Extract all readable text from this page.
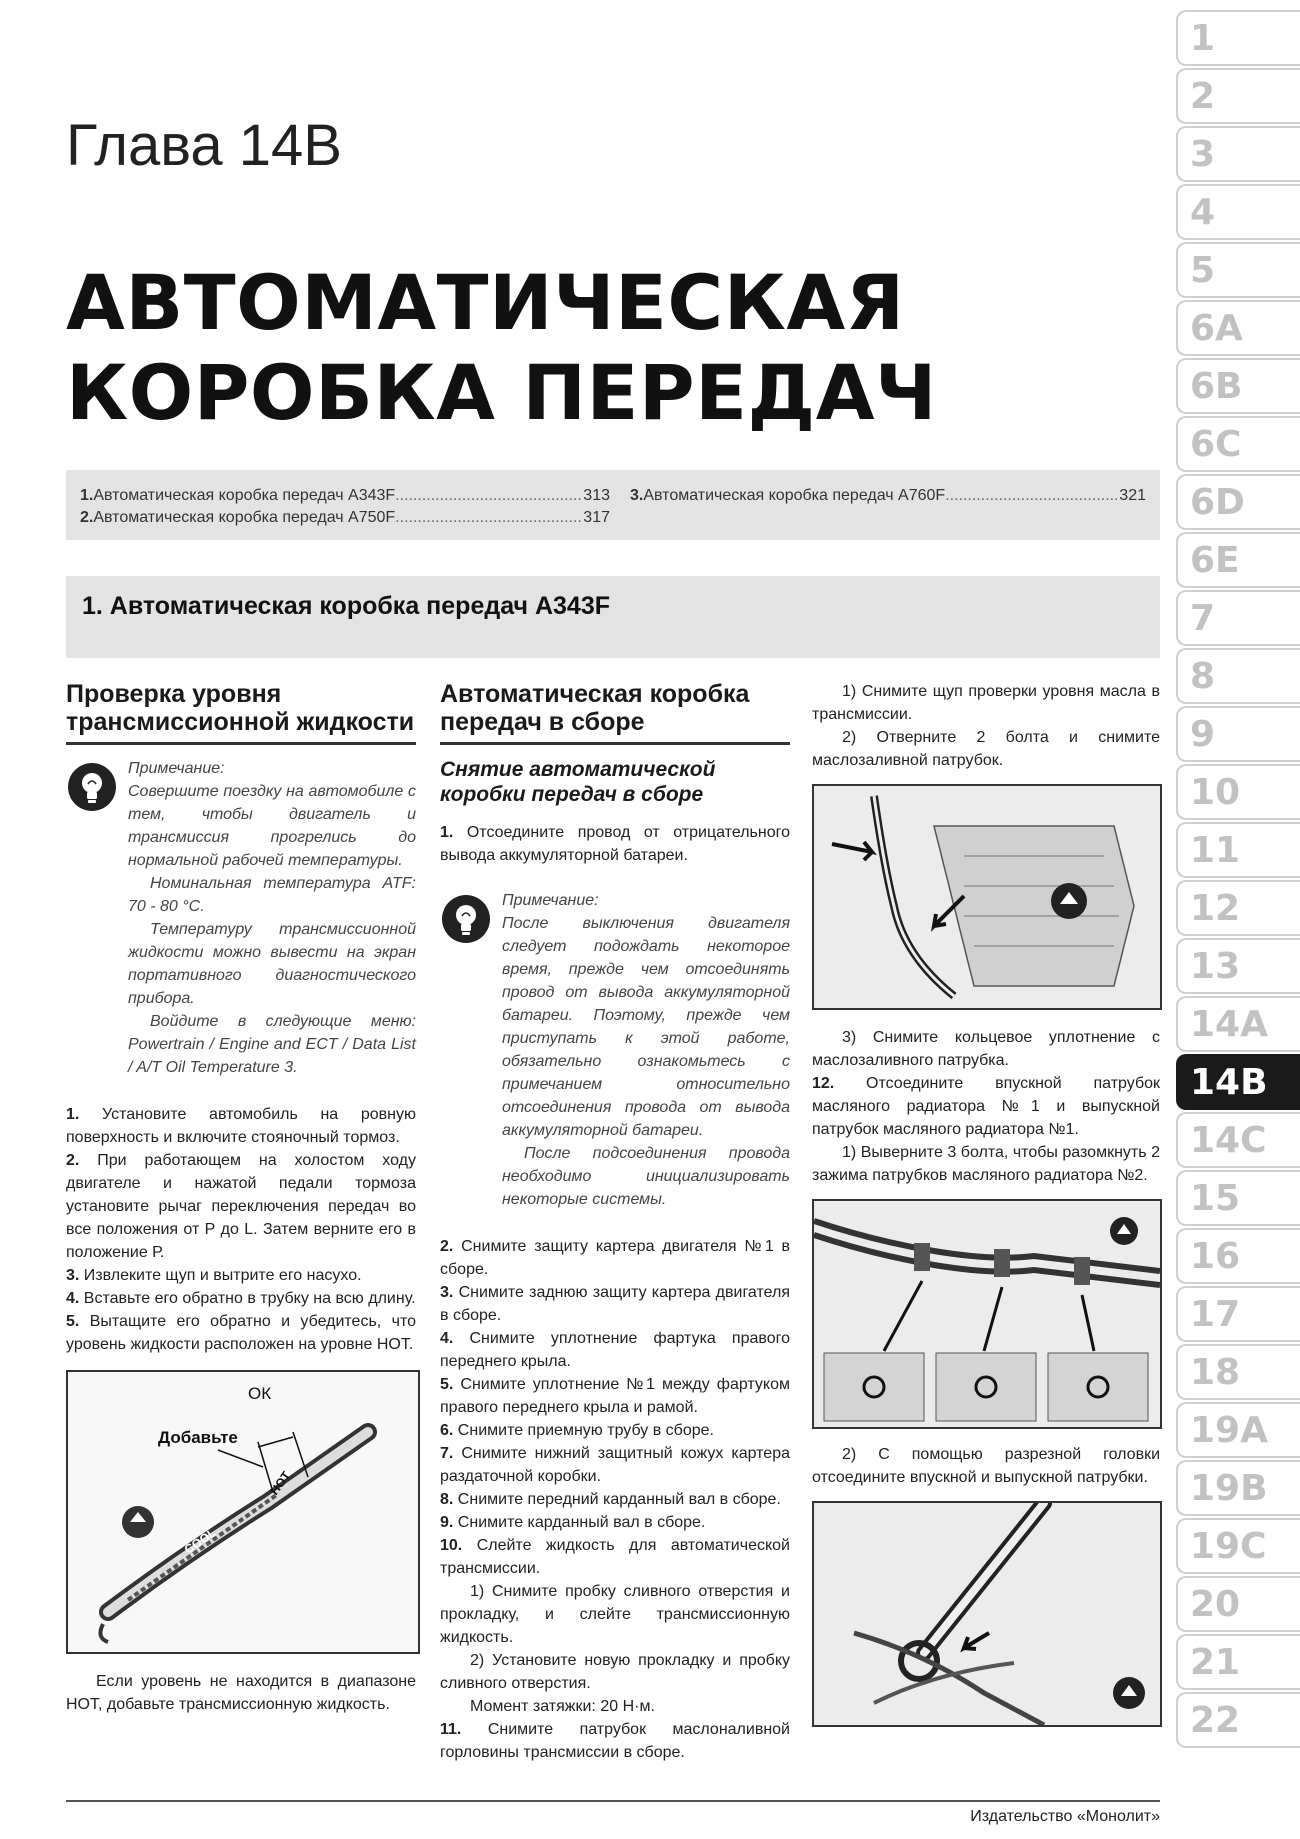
Глава 14В
АВТОМАТИЧЕСКАЯ КОРОБКА ПЕРЕДАЧ
1. Автоматическая коробка передач А343F .....	313
2. Автоматическая коробка передач А750F .....	317
3. Автоматическая коробка передач А760F .....	321
1. Автоматическая коробка передач А343F
Проверка уровня трансмиссионной жидкости
Примечание:

Совершите поездку на автомобиле с тем, чтобы двигатель и трансмиссия прогрелись до нормальной рабочей температуры.

Номинальная температура ATF: 70 - 80 °С.

Температуру трансмиссионной жидкости можно вывести на экран портативного диагностического прибора.

Войдите в следующие меню: Powertrain / Engine and ECT / Data List / A/T Oil Temperature 3.

1. Установите автомобиль на ровную поверхность и включите стояночный тормоз.

2. При работающем на холостом ходу двигателе и нажатой педали тормоза установите рычаг переключения передач во все положения от Р до L. Затем верните его в положение Р.

3. Извлеките щуп и вытрите его насухо.

4. Вставьте его обратно в трубку на всю длину.

5. Вытащите его обратно и убедитесь, что уровень жидкости расположен на уровне НОТ.

ОК
Добавьте
COOL
HOT

Если уровень не находится в диапазоне НОТ, добавьте трансмиссионную жидкость.

Автоматическая коробка передач в сборе
Снятие автоматической коробки передач в сборе

1. Отсоедините провод от отрицательного вывода аккумуляторной батареи.

Примечание:

После выключения двигателя следует подождать некоторое время, прежде чем отсоединять провод от вывода аккумуляторной батареи. Поэтому, прежде чем приступать к этой работе, обязательно ознакомьтесь с примечанием относительно отсоединения провода от вывода аккумуляторной батареи.

После подсоединения провода необходимо инициализировать некоторые системы.

2. Снимите защиту картера двигателя №1 в сборе.

3. Снимите заднюю защиту картера двигателя в сборе.

4. Снимите уплотнение фартука правого переднего крыла.

5. Снимите уплотнение №1 между фартуком правого переднего крыла и рамой.

6. Снимите приемную трубу в сборе.

7. Снимите нижний защитный кожух картера раздаточной коробки.

8. Снимите передний карданный вал в сборе.

9. Снимите карданный вал в сборе.

10. Слейте жидкость для автоматической трансмиссии.

1) Снимите пробку сливного отверстия и прокладку, и слейте трансмиссионную жидкость.

2) Установите новую прокладку и пробку сливного отверстия.

Момент затяжки: 20 Н·м.

11. Снимите патрубок маслоналивной горловины трансмиссии в сборе.

1) Снимите щуп проверки уровня масла в трансмиссии.

2) Отверните 2 болта и снимите маслозаливной патрубок.

3) Снимите кольцевое уплотнение с маслозаливного патрубка.

12. Отсоедините впускной патрубок масляного радиатора №1 и выпускной патрубок масляного радиатора №1.

1) Выверните 3 болта, чтобы разомкнуть 2 зажима патрубков масляного радиатора №2.

2) С помощью разрезной головки отсоедините впускной и выпускной патрубки.

1
2
3
4
5
6А
6В
6С
6D
6Е
7
8
9
10
11
12
13
14А
14В
14С
15
16
17
18
19А
19В
19С
20
21
22
Издательство «Монолит»
